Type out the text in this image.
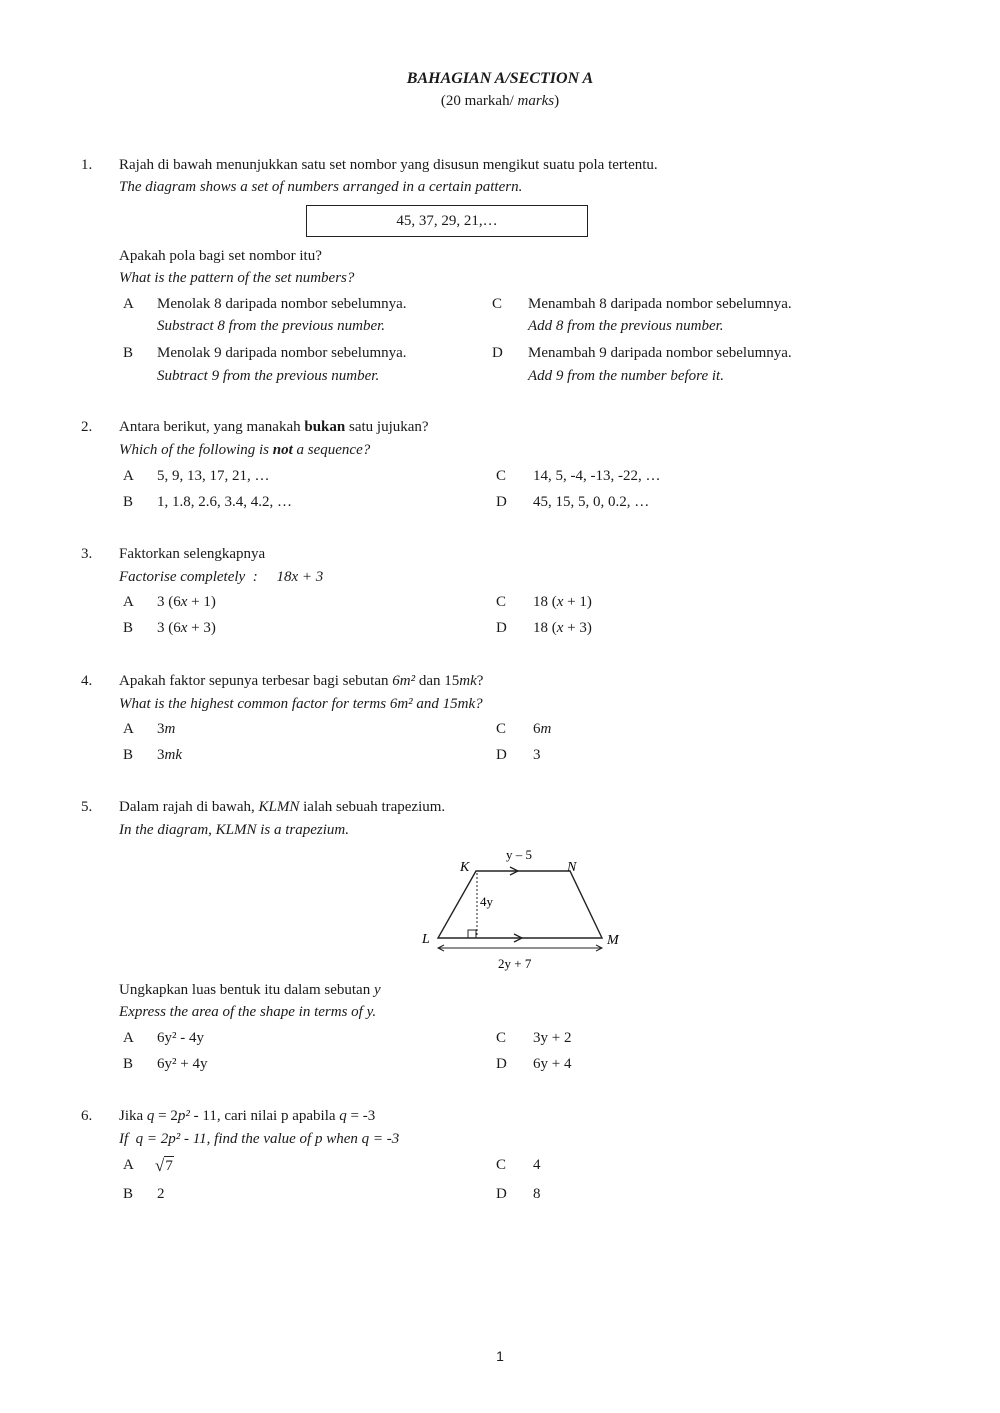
BAHAGIAN A/SECTION A
(20 markah/ marks)
1. Rajah di bawah menunjukkan satu set nombor yang disusun mengikut suatu pola tertentu.
The diagram shows a set of numbers arranged in a certain pattern.
45, 37, 29, 21,…
Apakah pola bagi set nombor itu?
What is the pattern of the set numbers?
A Menolak 8 daripada nombor sebelumnya.
Substract 8 from the previous number.
B Menolak 9 daripada nombor sebelumnya.
Subtract 9 from the previous number.
C Menambah 8 daripada nombor sebelumnya.
Add 8 from the previous number.
D Menambah 9 daripada nombor sebelumnya.
Add 9 from the number before it.
2. Antara berikut, yang manakah bukan satu jujukan?
Which of the following is not a sequence?
A 5, 9, 13, 17, 21, …
B 1, 1.8, 2.6, 3.4, 4.2, …
C 14, 5, -4, -13, -22, …
D 45, 15, 5, 0, 0.2, …
3. Faktorkan selengkapnya
Factorise completely  :     18x + 3
A 3 (6x + 1)
B 3 (6x + 3)
C 18 (x + 1)
D 18 (x + 3)
4. Apakah faktor sepunya terbesar bagi sebutan 6m² dan 15mk?
What is the highest common factor for terms 6m² and 15mk?
A 3m
B 3mk
C 6m
D 3
5. Dalam rajah di bawah, KLMN ialah sebuah trapezium.
In the diagram, KLMN is a trapezium.
K	N
L	M
y – 5
4y
2y + 7
Ungkapkan luas bentuk itu dalam sebutan y
Express the area of the shape in terms of y.
A 6y² - 4y
B 6y² + 4y
C 3y + 2
D 6y + 4
6. Jika q = 2p² - 11, cari nilai p apabila q = -3
If  q = 2p² - 11, find the value of p when q = -3
A √7
B 2
C 4
D 8
1
